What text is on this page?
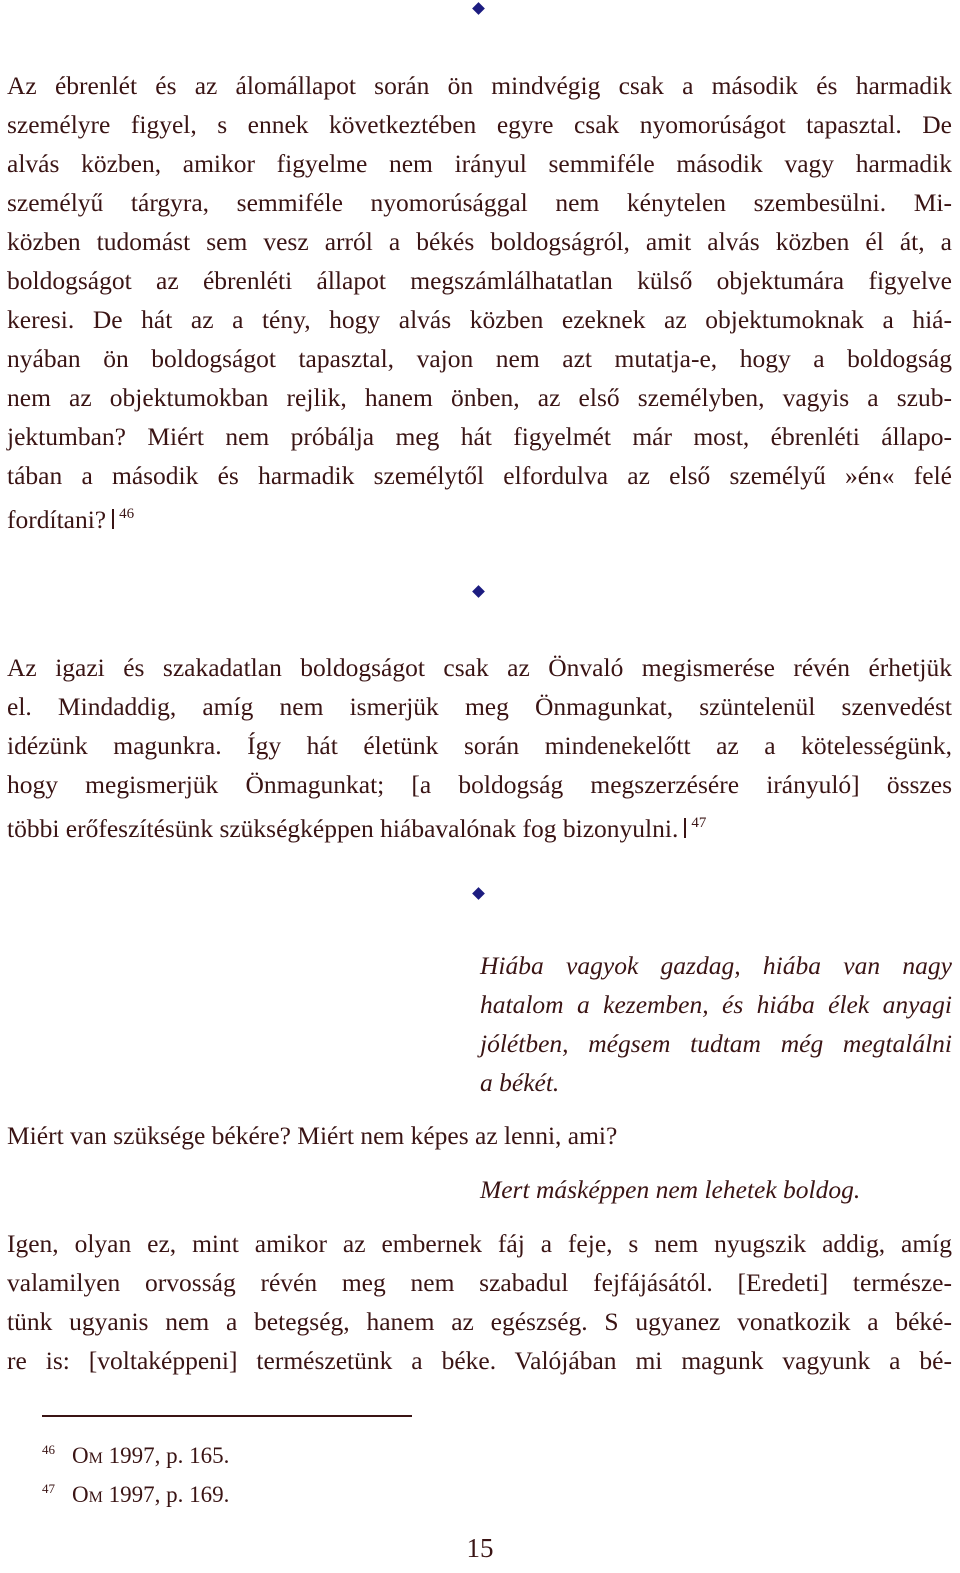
Az ébrenlét és az álomállapot során ön mindvégig csak a második és harmadik
személyre figyel, s ennek következtében egyre csak nyomorúságot tapasztal. De
alvás közben, amikor figyelme nem irányul semmiféle második vagy harmadik
személyű tárgyra, semmiféle nyomorúsággal nem kénytelen szembesülni. Mi-
közben tudomást sem vesz arról a békés boldogságról, amit alvás közben él át, a
boldogságot az ébrenléti állapot megszámlálhatatlan külső objektumára figyelve
keresi. De hát az a tény, hogy alvás közben ezeknek az objektumoknak a hiá-
nyában ön boldogságot tapasztal, vajon nem azt mutatja-e, hogy a boldogság
nem az objektumokban rejlik, hanem önben, az első személyben, vagyis a szub-
jektumban? Miért nem próbálja meg hát figyelmét már most, ébrenléti állapo-
tában a második és harmadik személytől elfordulva az első személyű »én« felé
fordítani? $^{46}$
Az igazi és szakadatlan boldogságot csak az Önvaló megismerése révén érhetjük
el. Mindaddig, amíg nem ismerjük meg Önmagunkat, szüntelenül szenvedést
idézünk magunkra. Így hát életünk során mindenekelőtt az a kötelességünk,
hogy megismerjük Önmagunkat; [a boldogság megszerzésére irányuló] összes
többi erőfeszítésünk szükségképpen hiábavalónak fog bizonyulni. $^{47}$
Hiába vagyok gazdag, hiába van nagy
hatalom a kezemben, és hiába élek anyagi
jólétben, mégsem tudtam még megtalálni
a békét.
Miért van szüksége békére? Miért nem képes az lenni, ami?
Mert másképpen nem lehetek boldog.
Igen, olyan ez, mint amikor az embernek fáj a feje, s nem nyugszik addig, amíg
valamilyen orvosság révén meg nem szabadul fejfájásától. [Eredeti] természe-
tünk ugyanis nem a betegség, hanem az egészség. S ugyanez vonatkozik a béké-
re is: [voltaképpeni] természetünk a béke. Valójában mi magunk vagyunk a bé-
46 Om 1997, p. 165.
47 Om 1997, p. 169.
15
